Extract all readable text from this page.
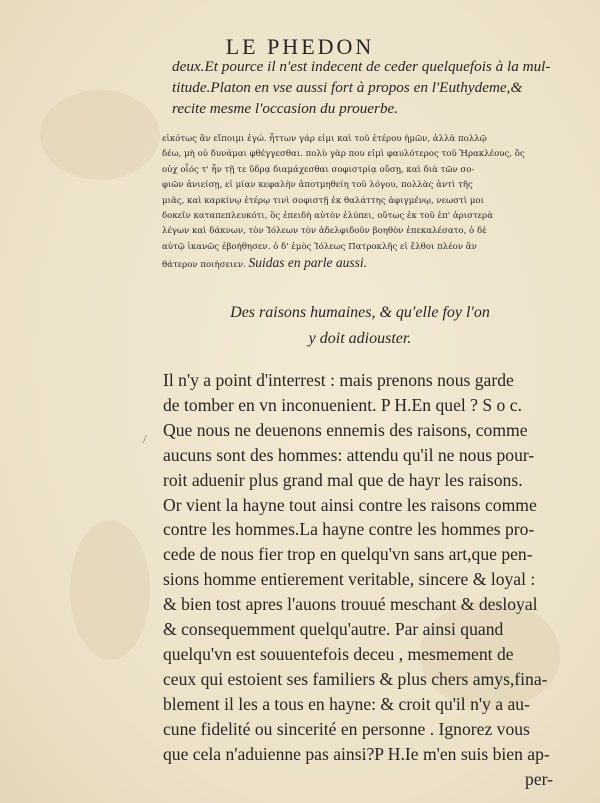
LE PHEDON
deux.Et pource il n'est indecent de ceder quelquefois à la mul-
titude.Platon en vse aussi fort à propos en l'Euthydeme,&
recite mesme l'occasion du prouerbe.
εἰκότως ἂν εἴποιμι ἐγώ. ἧττων γάρ εἰμι καὶ τοῦ ἑτέρου ἡμῶν, ἀλλὰ πολλῷ
δέω, μὴ οὐ δυνάμαι φθέγγεσθαι. πολὺ γὰρ που εἰμὶ φαυλότερος τοῦ Ἡρακλέους, ὃς
οὐχ οἷός τ' ἦν τῇ τε ὕδρᾳ διαμάχεσθαι σοφιστρίᾳ οὔσῃ, καὶ διὰ τῶν σο-
φιῶν ἀνιείσῃ, εἰ μίαν κεφαλὴν ἀποτμηθείη τοῦ λόγου, πολλὰς ἀντὶ τῆς
μιᾶς, καὶ καρκίνῳ ἑτέρῳ τινὶ σοφιστῇ ἐκ θαλάττης ἀφιγμένῳ, νεωστὶ μοι
δοκεῖν καταπεπλευκότι, ὃς ἐπειδὴ αὐτὸν ἐλύπει, οὕτως ἐκ τοῦ ἐπ' ἀριστερὰ
λέγων καὶ δάκνων, τὸν Ἰόλεων τὸν ἀδελφιδοῦν βοηθὸν ἐπεκαλέσατο, ὁ δὲ
αὐτῷ ἱκανῶς ἐβοήθησεν. ὁ δ' ἐμὸς Ἰόλεως Πατροκλῆς εἰ ἔλθοι πλέον ἂν
θάτερον ποιήσειεν. Suidas en parle aussi.
Des raisons humaines, & qu'elle foy l'on
y doit adiouster.
/
Il n'y a point d'interrest : mais prenons nous garde
de tomber en vn inconuenient. P H.En quel ? S o c.
Que nous ne deuenons ennemis des raisons, comme
aucuns sont des hommes: attendu qu'il ne nous pour-
roit aduenir plus grand mal que de hayr les raisons.
Or vient la hayne tout ainsi contre les raisons comme
contre les hommes.La hayne contre les hommes pro-
cede de nous fier trop en quelqu'vn sans art,que pen-
sions homme entierement veritable, sincere & loyal :
& bien tost apres l'auons trouué meschant & desloyal
& consequemment quelqu'autre. Par ainsi quand
quelqu'vn est souuentefois deceu , mesmement de
ceux qui estoient ses familiers & plus chers amys,fina-
blement il les a tous en hayne: & croit qu'il n'y a au-
cune fidelité ou sincerité en personne . Ignorez vous
que cela n'aduienne pas ainsi?P H.Ie m'en suis bien ap-
per-
